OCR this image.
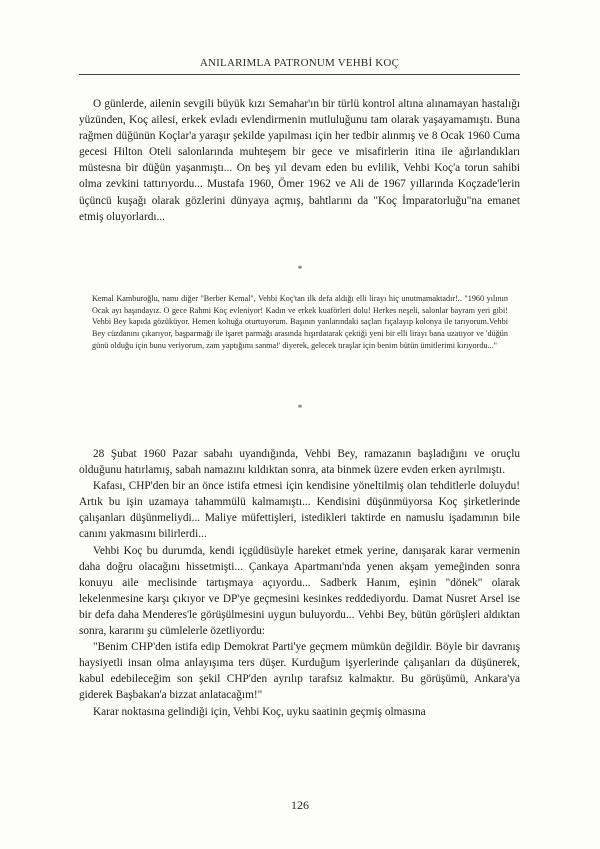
ANILARIMLA PATRONUM VEHBİ KOÇ

O günlerde, ailenin sevgili büyük kızı Semahar'ın bir türlü kontrol altına alınamayan hastalığı yüzünden, Koç ailesi, erkek evladı evlendirmenin mutluluğunu tam olarak yaşayamamıştı. Buna rağmen düğünün Koçlar'a yaraşır şekilde yapılması için her tedbir alınmış ve 8 Ocak 1960 Cuma gecesi Hilton Oteli salonlarında muhteşem bir gece ve misafirlerin itina ile ağırlandıkları müstesna bir düğün yaşanmıştı... On beş yıl devam eden bu evlilik, Vehbi Koç'a torun sahibi olma zevkini tattırıyordu... Mustafa 1960, Ömer 1962 ve Ali de 1967 yıllarında Koçzade'lerin üçüncü kuşağı olarak gözlerini dünyaya açmış, bahtlarını da "Koç İmparatorluğu"na emanet etmiş oluyorlardı...

*

Kemal Kamburoğlu, namı diğer "Berber Kemal", Vehbi Koç'tan ilk defa aldığı elli lirayı hiç unutmamaktadır!.. "1960 yılının Ocak ayı başındayız. O gece Rahmi Koç evleniyor! Kadın ve erkek kuaförleri dolu! Herkes neşeli, salonlar bayram yeri gibi! Vehbi Bey kapıda gözüküyor. Hemen koltuğa oturtuyorum. Başının yanlarındaki saçları fıçalayıp kolonya ile tarıyorum.Vehbi Bey cüzdanını çıkarıyor, başparmağı ile işaret parmağı arasında hışırdatarak çektiği yeni bir elli lirayı bana uzatıyor ve 'düğün günü olduğu için bunu veriyorum, zam yaptığımı sanma!' diyerek, gelecek tıraşlar için benim bütün ümitlerimi kırıyordu..."

*

28 Şubat 1960 Pazar sabahı uyandığında, Vehbi Bey, ramazanın başladığını ve oruçlu olduğunu hatırlamış, sabah namazını kıldıktan sonra, ata binmek üzere evden erken ayrılmıştı.

Kafası, CHP'den bir an önce istifa etmesi için kendisine yöneltilmiş olan tehditlerle doluydu! Artık bu işin uzamaya tahammülü kalmamıştı... Kendisini düşünmüyorsa Koç şirketlerinde çalışanları düşünmeliydi... Maliye müfettişleri, istedikleri taktirde en namuslu işadamının bile canını yakmasını bilirlerdi...

Vehbi Koç bu durumda, kendi içgüdüsüyle hareket etmek yerine, danışarak karar vermenin daha doğru olacağını hissetmişti... Çankaya Apartmanı'nda yenen akşam yemeğinden sonra konuyu aile meclisinde tartışmaya açıyordu... Sadberk Hanım, eşinin "dönek" olarak lekelenmesine karşı çıkıyor ve DP'ye geçmesini kesinkes reddediyordu. Damat Nusret Arsel ise bir defa daha Menderes'le görüşülmesini uygun buluyordu... Vehbi Bey, bütün görüşleri aldıktan sonra, kararını şu cümlelerle özetliyordu:

"Benim CHP'den istifa edip Demokrat Parti'ye geçmem mümkün değildir. Böyle bir davranış haysiyetli insan olma anlayışıma ters düşer. Kurduğum işyerlerinde çalışanları da düşünerek, kabul edebileceğim son şekil CHP'den ayrılıp tarafsız kalmaktır. Bu görüşümü, Ankara'ya giderek Başbakan'a bizzat anlatacağım!"

Karar noktasına gelindiği için, Vehbi Koç, uyku saatinin geçmiş olmasına

126
